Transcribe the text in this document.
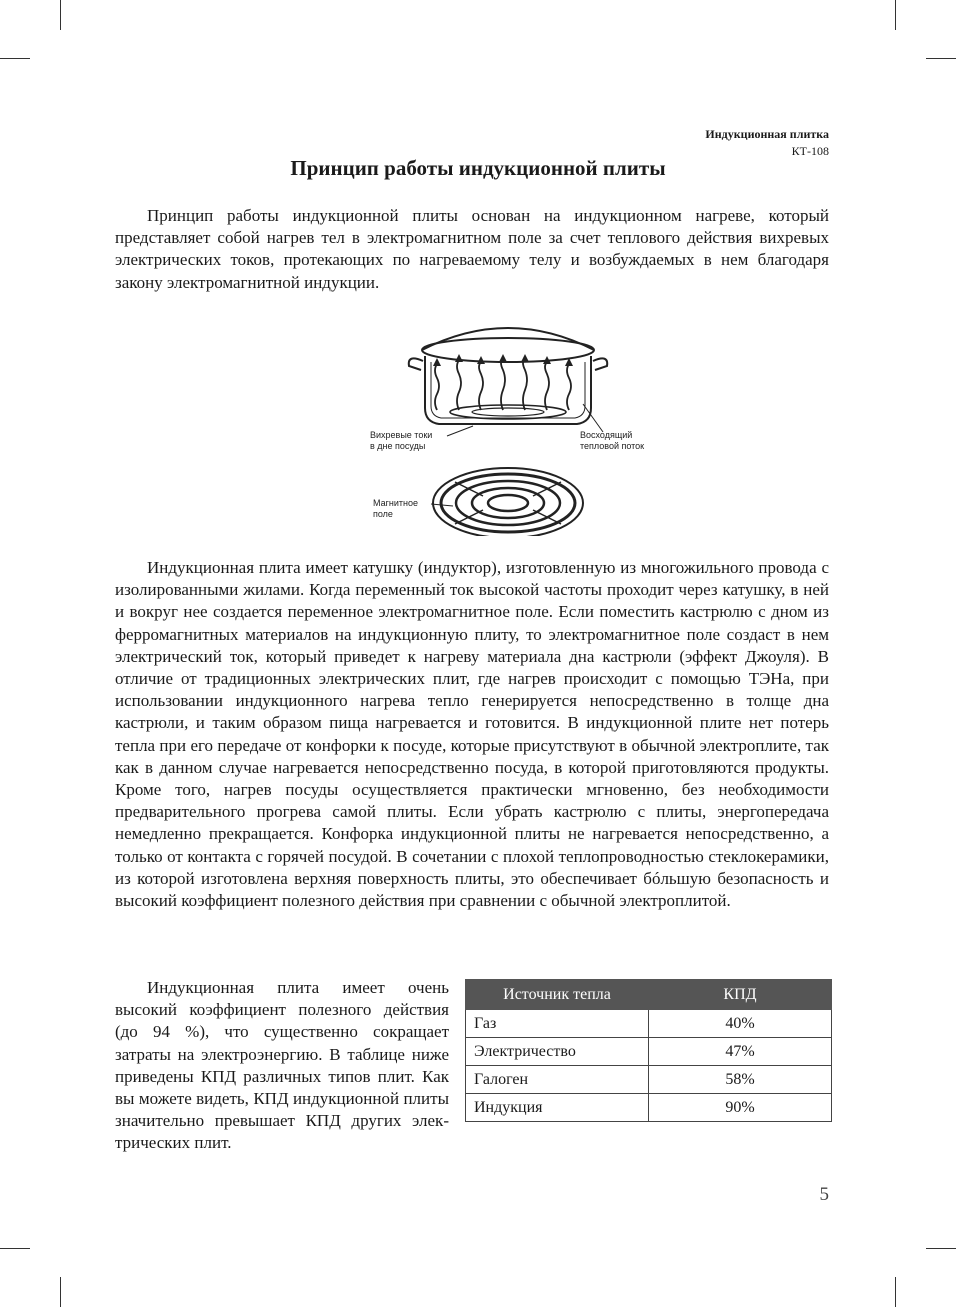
Индукционная плитка
КТ-108
Принцип работы индукционной плиты

Принцип работы индукционной плиты основан на индукционном нагреве, который представляет собой нагрев тел в электромагнитном поле за счет теплового действия вихревых электрических токов, протекающих по нагреваемому телу и возбуждаемых в нем благодаря закону электромагнитной индукции.

Вихревые токи
в дне посуды
Восходящий
тепловой поток
Магнитное
поле

Индукционная плита имеет катушку (индуктор), изготовленную из многожильного провода с изолированными жилами. Когда переменный ток высокой частоты проходит через катушку, в ней и вокруг нее создается переменное электромагнитное поле. Если поместить кастрюлю с дном из ферромагнитных материалов на индукционную плиту, то электромагнитное поле создаст в нем электрический ток, который приведет к нагреву материала дна кастрюли (эффект Джоуля). В отличие от традиционных электрических плит, где нагрев происходит с помощью ТЭНа, при использовании индукционного нагрева тепло генерируется непосредственно в толще дна кастрюли, и таким образом пища нагревается и готовится. В индукционной плите нет потерь тепла при его передаче от конфорки к посуде, которые присутствуют в обычной электроплите, так как в данном случае нагревается непосредственно посуда, в которой приготовляются продукты. Кроме того, нагрев посуды осуществляется практически мгновенно, без необходимости предварительного прогрева самой плиты. Если убрать кастрюлю с плиты, энергопередача немедленно прекращается. Конфорка индукционной плиты не нагревается непосредственно, а только от контакта с горячей посудой. В сочетании с плохой теплопроводностью стеклокерамики, из которой изготовлена верхняя поверхность плиты, это обеспечивает бóльшую безопасность и высокий коэффициент полезного действия при сравнении с обычной электроплитой.

Индукционная плита имеет очень высокий коэффициент полезного действия (до 94 %), что существенно сокращает затраты на электроэнергию. В таблице ниже приведены КПД различных типов плит. Как вы можете видеть, КПД индукционной плиты значительно превышает КПД других электрических плит.

Источник тепла	КПД
Газ	40%
Электричество	47%
Галоген	58%
Индукция	90%
5
